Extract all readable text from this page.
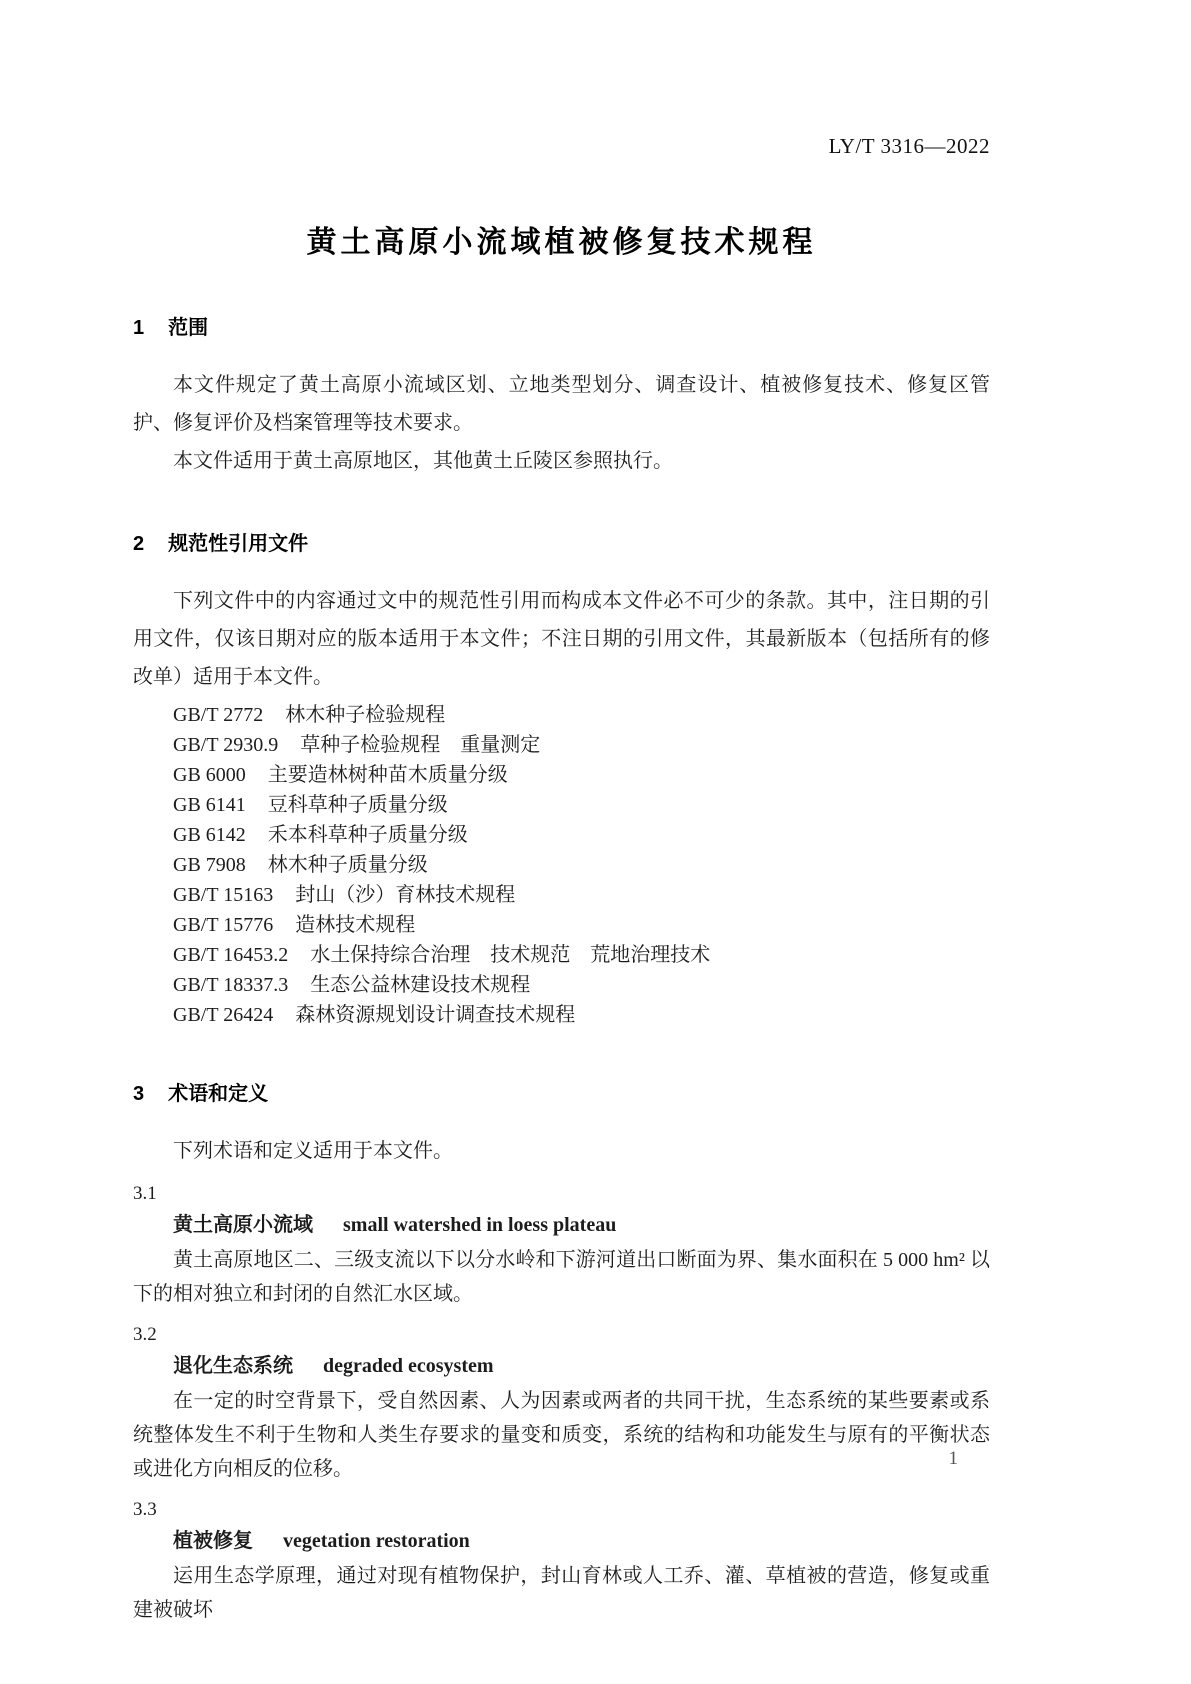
LY/T 3316—2022
黄土高原小流域植被修复技术规程
1 范围

本文件规定了黄土高原小流域区划、立地类型划分、调查设计、植被修复技术、修复区管护、修复评价及档案管理等技术要求。

本文件适用于黄土高原地区，其他黄土丘陵区参照执行。

2 规范性引用文件

下列文件中的内容通过文中的规范性引用而构成本文件必不可少的条款。其中，注日期的引用文件，仅该日期对应的版本适用于本文件；不注日期的引用文件，其最新版本（包括所有的修改单）适用于本文件。

GB/T 2772 林木种子检验规程
GB/T 2930.9 草种子检验规程　重量测定
GB 6000 主要造林树种苗木质量分级
GB 6141 豆科草种子质量分级
GB 6142 禾本科草种子质量分级
GB 7908 林木种子质量分级
GB/T 15163 封山（沙）育林技术规程
GB/T 15776 造林技术规程
GB/T 16453.2 水土保持综合治理　技术规范　荒地治理技术
GB/T 18337.3 生态公益林建设技术规程
GB/T 26424 森林资源规划设计调查技术规程
3 术语和定义

下列术语和定义适用于本文件。

3.1
黄土高原小流域 small watershed in loess plateau

黄土高原地区二、三级支流以下以分水岭和下游河道出口断面为界、集水面积在 5 000 hm² 以下的相对独立和封闭的自然汇水区域。

3.2
退化生态系统 degraded ecosystem

在一定的时空背景下，受自然因素、人为因素或两者的共同干扰，生态系统的某些要素或系统整体发生不利于生物和人类生存要求的量变和质变，系统的结构和功能发生与原有的平衡状态或进化方向相反的位移。

3.3
植被修复 vegetation restoration

运用生态学原理，通过对现有植物保护，封山育林或人工乔、灌、草植被的营造，修复或重建被破坏

1
